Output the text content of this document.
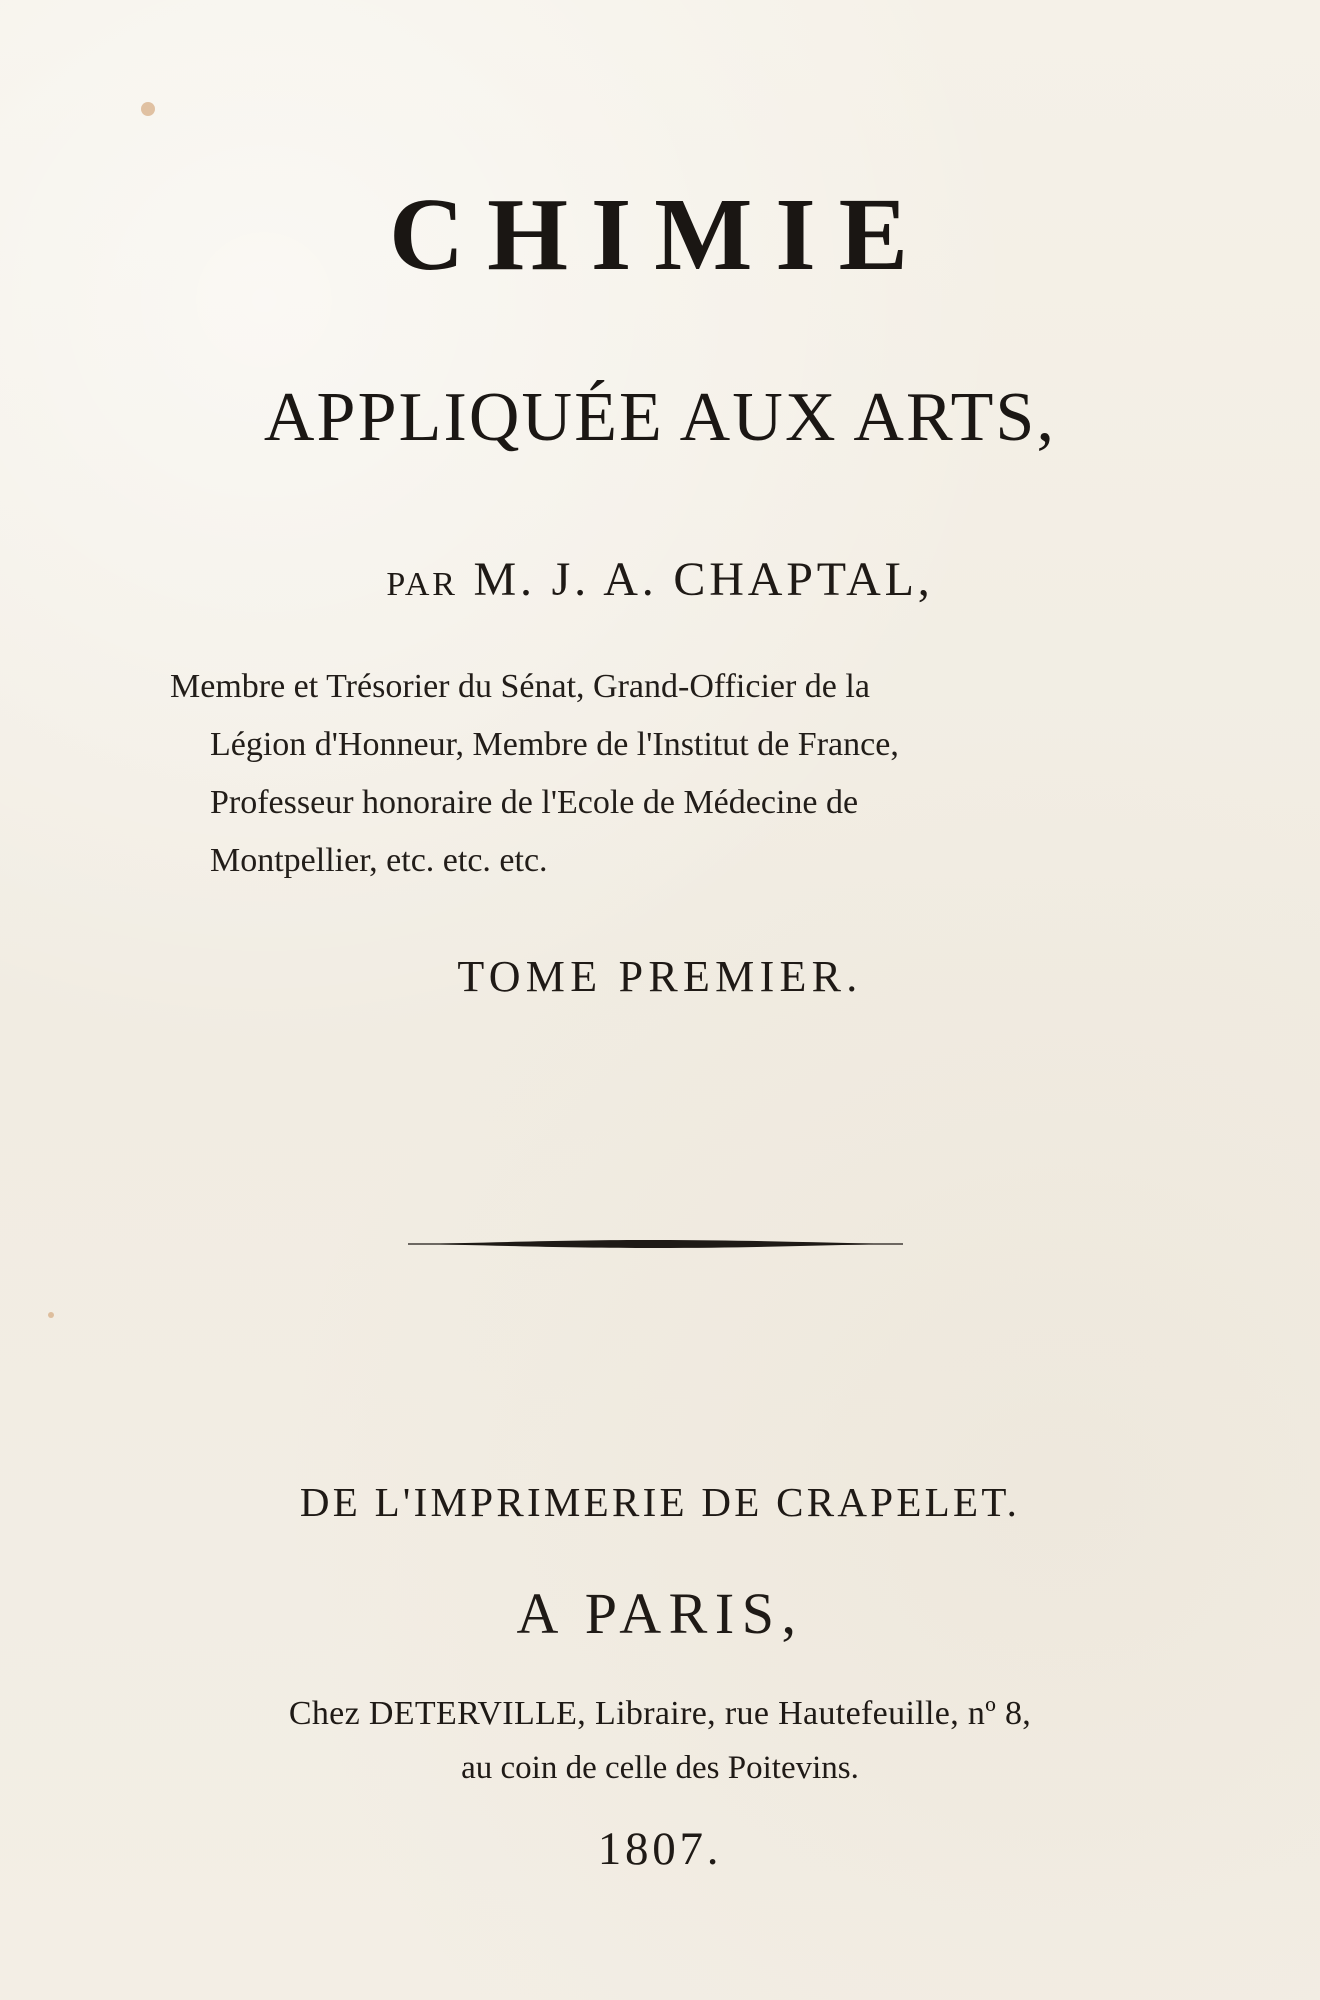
CHIMIE
APPLIQUÉE AUX ARTS,
PAR M. J. A. CHAPTAL,
Membre et Trésorier du Sénat, Grand-Officier de la
Légion d'Honneur, Membre de l'Institut de France,
Professeur honoraire de l'Ecole de Médecine de
Montpellier, etc. etc. etc.
TOME PREMIER.
DE L'IMPRIMERIE DE CRAPELET.
A PARIS,
Chez DETERVILLE, Libraire, rue Hautefeuille, nº 8,
au coin de celle des Poitevins.
1807.
